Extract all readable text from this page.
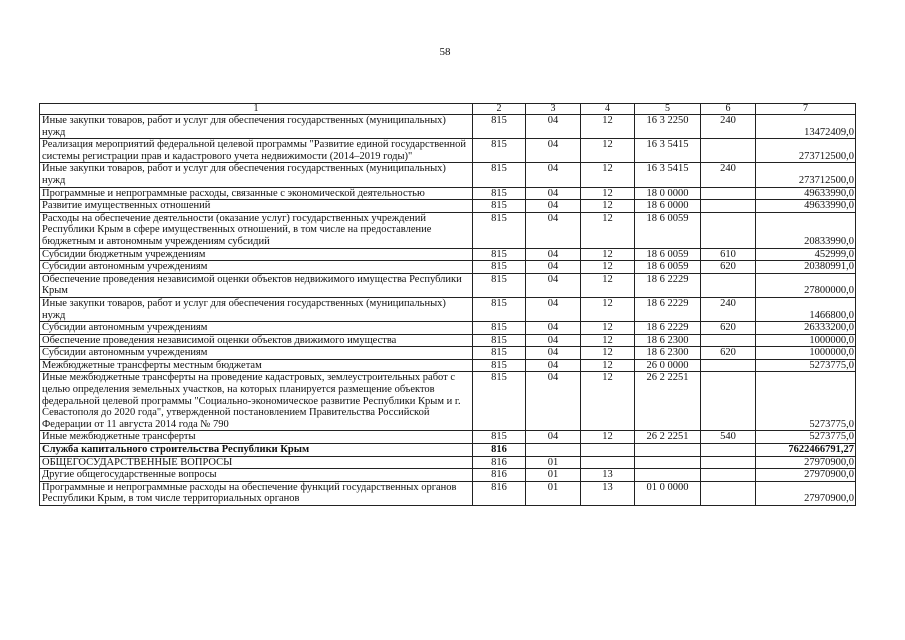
58
1	2	3	4	5	6	7
Иные закупки товаров, работ и услуг для обеспечения государственных (муниципальных) нужд	815	04	12	16 3 2250	240	13472409,0
Реализация мероприятий федеральной целевой программы "Развитие единой государственной системы регистрации прав и кадастрового учета недвижимости (2014–2019 годы)"	815	04	12	16 3 5415		273712500,0
Иные закупки товаров, работ и услуг для обеспечения государственных (муниципальных) нужд	815	04	12	16 3 5415	240	273712500,0
Программные и непрограммные расходы, связанные с экономической деятельностью	815	04	12	18 0 0000		49633990,0
Развитие имущественных отношений	815	04	12	18 6 0000		49633990,0
Расходы на обеспечение деятельности (оказание услуг) государственных учреждений Республики Крым в сфере имущественных отношений, в том числе на предоставление бюджетным и автономным учреждениям субсидий	815	04	12	18 6 0059		20833990,0
Субсидии бюджетным учреждениям	815	04	12	18 6 0059	610	452999,0
Субсидии автономным учреждениям	815	04	12	18 6 0059	620	20380991,0
Обеспечение проведения независимой оценки объектов недвижимого имущества Республики Крым	815	04	12	18 6 2229		27800000,0
Иные закупки товаров, работ и услуг для обеспечения государственных (муниципальных) нужд	815	04	12	18 6 2229	240	1466800,0
Субсидии автономным учреждениям	815	04	12	18 6 2229	620	26333200,0
Обеспечение проведения независимой оценки объектов движимого имущества	815	04	12	18 6 2300		1000000,0
Субсидии автономным учреждениям	815	04	12	18 6 2300	620	1000000,0
Межбюджетные трансферты местным бюджетам	815	04	12	26 0 0000		5273775,0
Иные межбюджетные трансферты на проведение кадастровых, землеустроительных работ с целью определения земельных участков, на которых планируется размещение объектов федеральной целевой программы "Социально-экономическое развитие Республики Крым и г. Севастополя до 2020 года", утвержденной постановлением Правительства Российской Федерации от 11 августа 2014 года № 790	815	04	12	26 2 2251		5273775,0
Иные межбюджетные трансферты	815	04	12	26 2 2251	540	5273775,0
Служба капитального строительства Республики Крым	816					7622466791,27
ОБЩЕГОСУДАРСТВЕННЫЕ ВОПРОСЫ	816	01				27970900,0
Другие общегосударственные вопросы	816	01	13			27970900,0
Программные и непрограммные расходы на обеспечение функций государственных органов Республики Крым, в том числе территориальных органов	816	01	13	01 0 0000		27970900,0
